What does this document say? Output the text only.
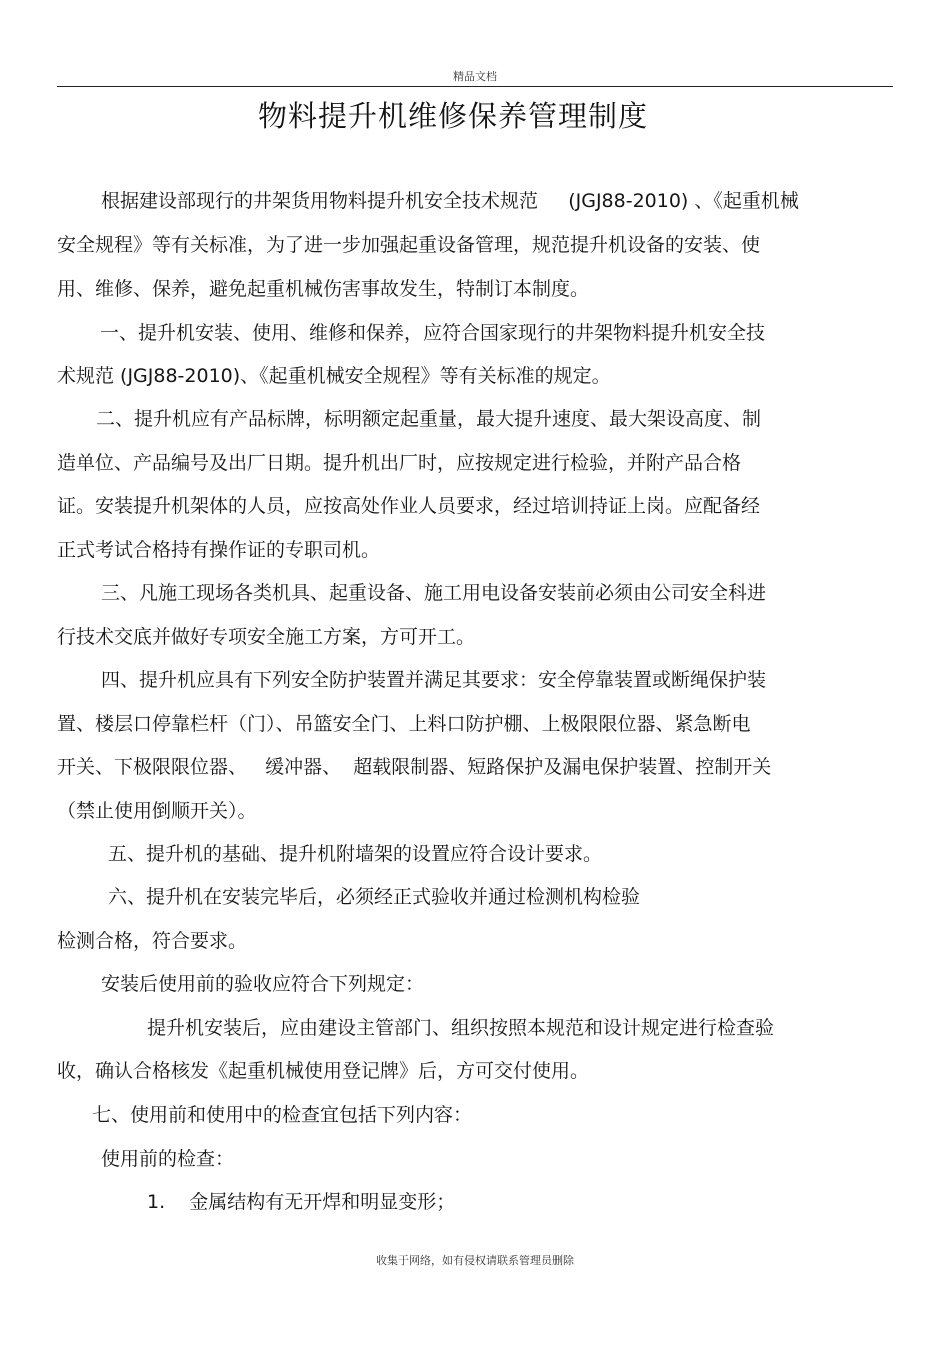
精品文档
物料提升机维修保养管理制度
根据建设部现行的井架货用物料提升机安全技术规范     (JGJ88-2010) 、《起重机械
安全规程》等有关标准，为了进一步加强起重设备管理，规范提升机设备的安装、使
用、维修、保养，避免起重机械伤害事故发生，特制订本制度。
一、提升机安装、使用、维修和保养，应符合国家现行的井架物料提升机安全技
术规范 (JGJ88-2010)、《起重机械安全规程》等有关标准的规定。
二、提升机应有产品标牌，标明额定起重量，最大提升速度、最大架设高度、制
造单位、产品编号及出厂日期。提升机出厂时，应按规定进行检验，并附产品合格
证。安装提升机架体的人员，应按高处作业人员要求，经过培训持证上岗。应配备经
正式考试合格持有操作证的专职司机。
三、凡施工现场各类机具、起重设备、施工用电设备安装前必须由公司安全科进
行技术交底并做好专项安全施工方案，方可开工。
四、提升机应具有下列安全防护装置并满足其要求：安全停靠装置或断绳保护装
置、楼层口停靠栏杆（门）、吊篮安全门、上料口防护棚、上极限限位器、紧急断电
开关、下极限限位器、   缓冲器、  超载限制器、短路保护及漏电保护装置、控制开关
（禁止使用倒顺开关）。
五、提升机的基础、提升机附墙架的设置应符合设计要求。
六、提升机在安装完毕后，必须经正式验收并通过检测机构检验
检测合格，符合要求。
安装后使用前的验收应符合下列规定：
提升机安装后，应由建设主管部门、组织按照本规范和设计规定进行检查验
收，确认合格核发《起重机械使用登记牌》后，方可交付使用。
七、使用前和使用中的检查宜包括下列内容：
使用前的检查：
1.    金属结构有无开焊和明显变形；
收集于网络，如有侵权请联系管理员删除
